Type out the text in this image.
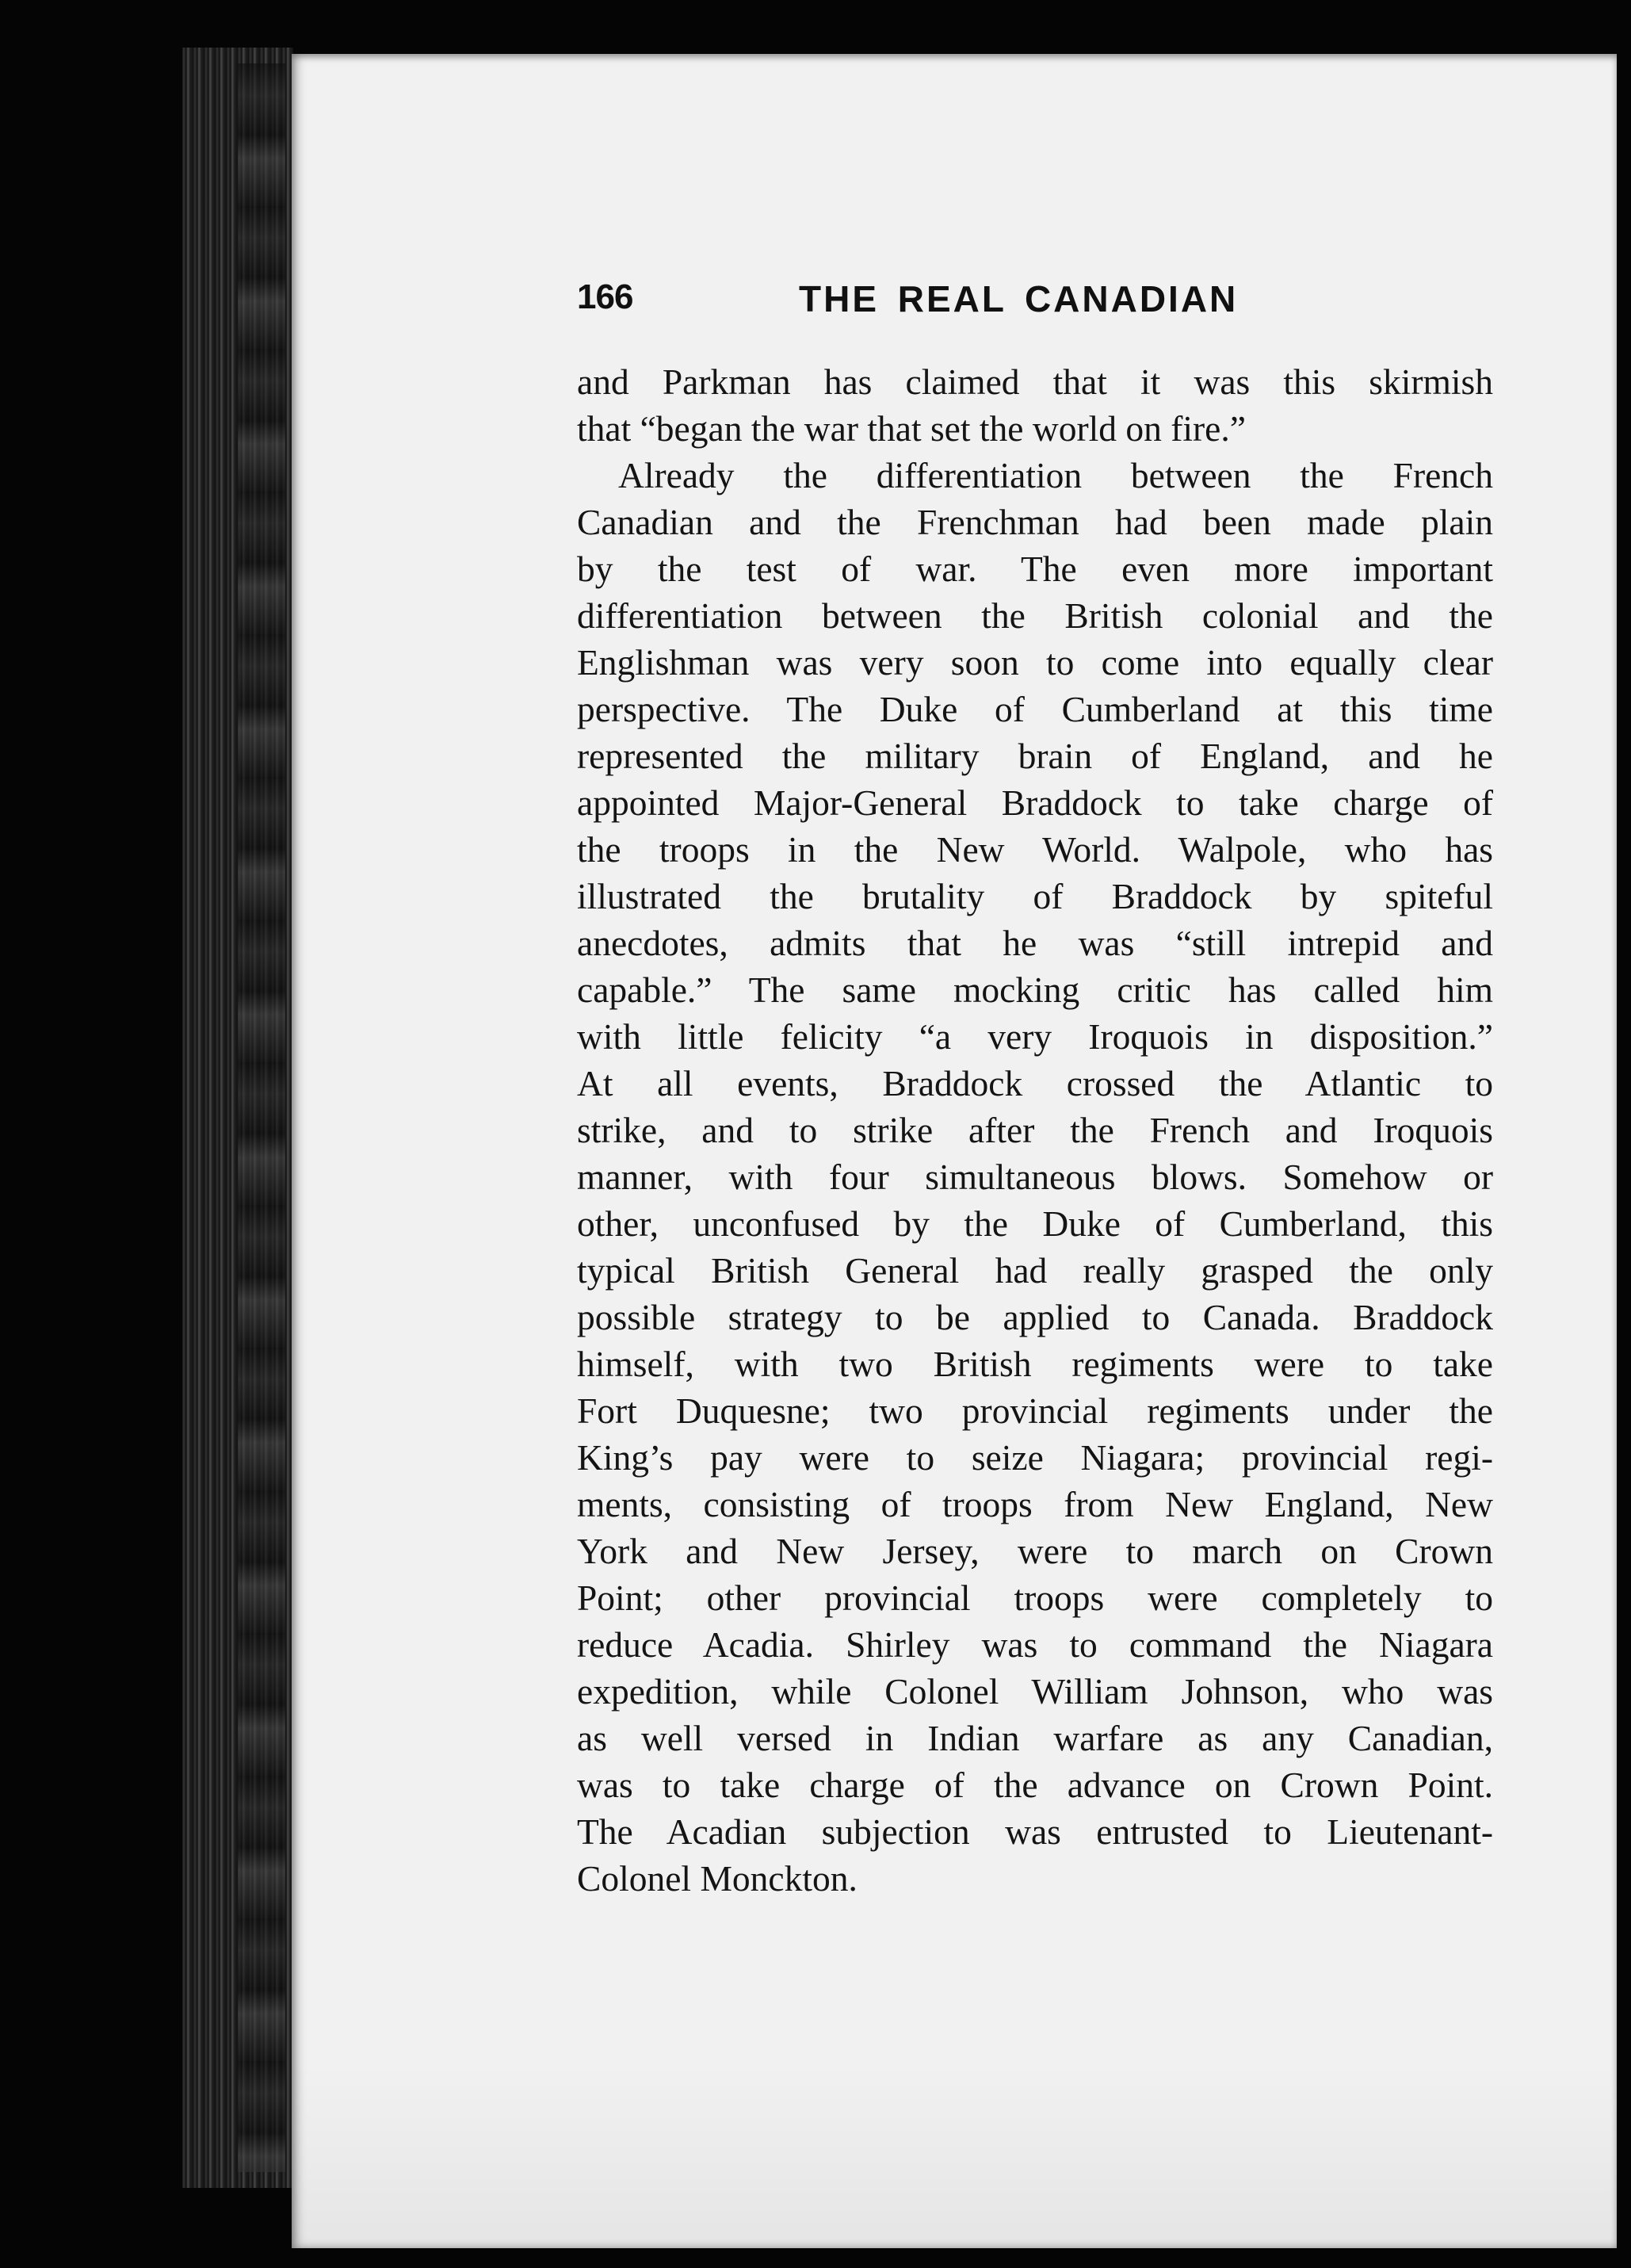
166	THE REAL CANADIAN
and Parkman has claimed that it was this skirmish
that “began the war that set the world on fire.”
Already the differentiation between the French
Canadian and the Frenchman had been made plain
by the test of war. The even more important
differentiation between the British colonial and the
Englishman was very soon to come into equally clear
perspective. The Duke of Cumberland at this time
represented the military brain of England, and he
appointed Major-General Braddock to take charge of
the troops in the New World. Walpole, who has
illustrated the brutality of Braddock by spiteful
anecdotes, admits that he was “still intrepid and
capable.” The same mocking critic has called him
with little felicity “a very Iroquois in disposition.”
At all events, Braddock crossed the Atlantic to
strike, and to strike after the French and Iroquois
manner, with four simultaneous blows. Somehow or
other, unconfused by the Duke of Cumberland, this
typical British General had really grasped the only
possible strategy to be applied to Canada. Braddock
himself, with two British regiments were to take
Fort Duquesne; two provincial regiments under the
King’s pay were to seize Niagara; provincial regi-
ments, consisting of troops from New England, New
York and New Jersey, were to march on Crown
Point; other provincial troops were completely to
reduce Acadia. Shirley was to command the Niagara
expedition, while Colonel William Johnson, who was
as well versed in Indian warfare as any Canadian,
was to take charge of the advance on Crown Point.
The Acadian subjection was entrusted to Lieutenant-
Colonel Monckton.
